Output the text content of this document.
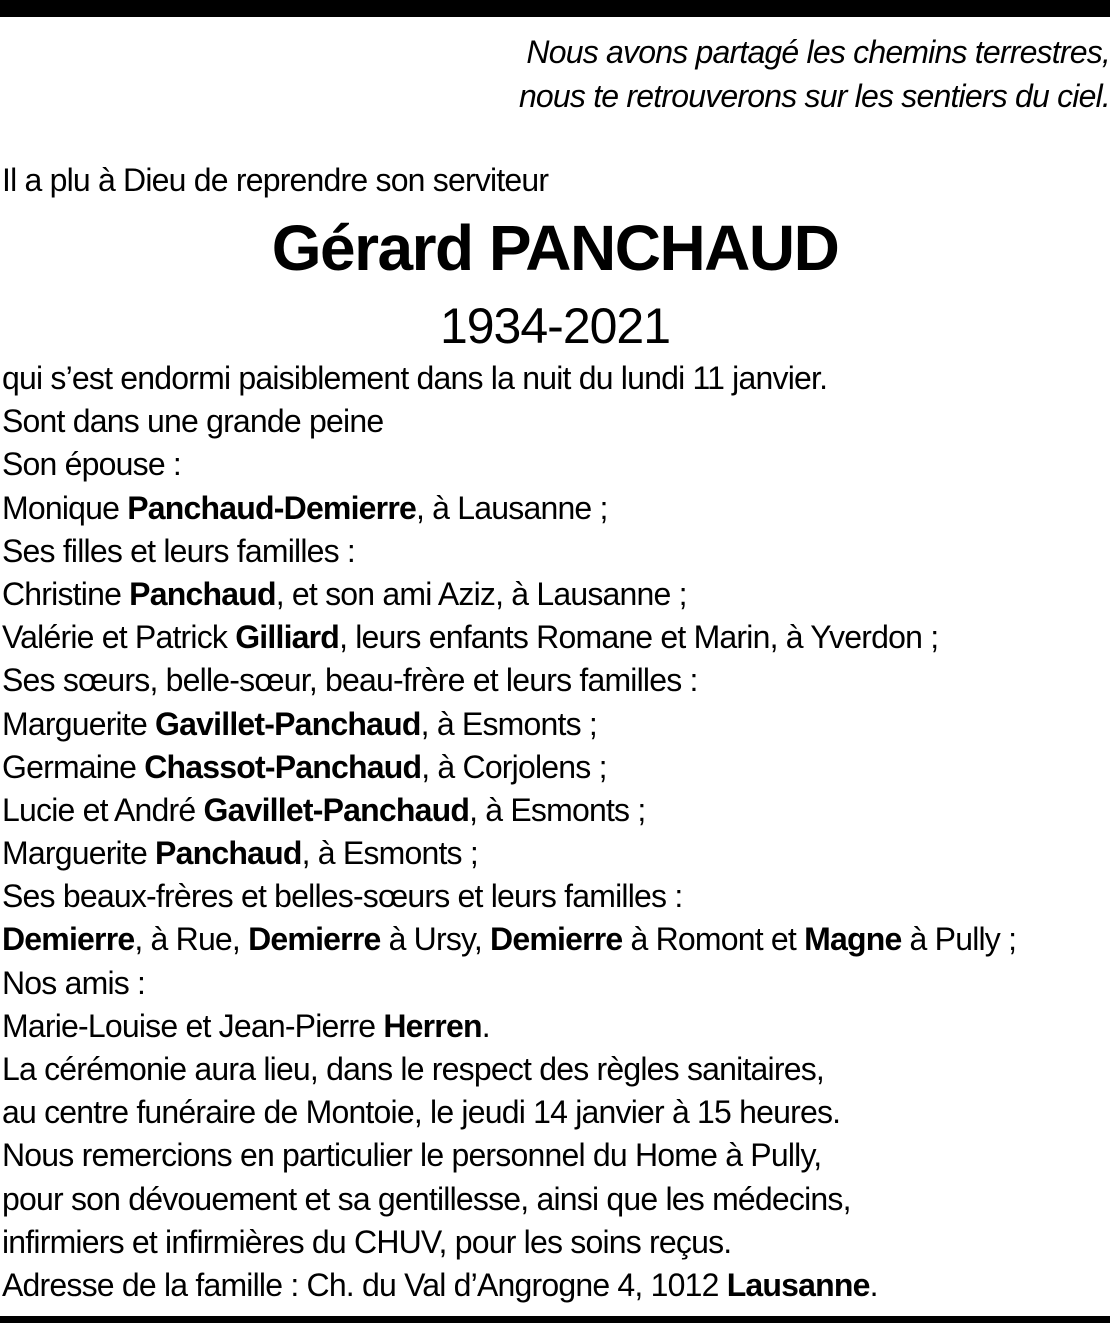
Nous avons partagé les chemins terrestres,
nous te retrouverons sur les sentiers du ciel.
Il a plu à Dieu de reprendre son serviteur
Gérard PANCHAUD
1934-2021
qui s’est endormi paisiblement dans la nuit du lundi 11 janvier.
Sont dans une grande peine
Son épouse :
Monique Panchaud-Demierre, à Lausanne ;
Ses filles et leurs familles :
Christine Panchaud, et son ami Aziz, à Lausanne ;
Valérie et Patrick Gilliard, leurs enfants Romane et Marin, à Yverdon ;
Ses sœurs, belle-sœur, beau-frère et leurs familles :
Marguerite Gavillet-Panchaud, à Esmonts ;
Germaine Chassot-Panchaud, à Corjolens ;
Lucie et André Gavillet-Panchaud, à Esmonts ;
Marguerite Panchaud, à Esmonts ;
Ses beaux-frères et belles-sœurs et leurs familles :
Demierre, à Rue, Demierre à Ursy, Demierre à Romont et Magne à Pully ;
Nos amis :
Marie-Louise et Jean-Pierre Herren.
La cérémonie aura lieu, dans le respect des règles sanitaires,
au centre funéraire de Montoie, le jeudi 14 janvier à 15 heures.
Nous remercions en particulier le personnel du Home à Pully,
pour son dévouement et sa gentillesse, ainsi que les médecins,
infirmiers et infirmières du CHUV, pour les soins reçus.
Adresse de la famille : Ch. du Val d’Angrogne 4, 1012 Lausanne.
